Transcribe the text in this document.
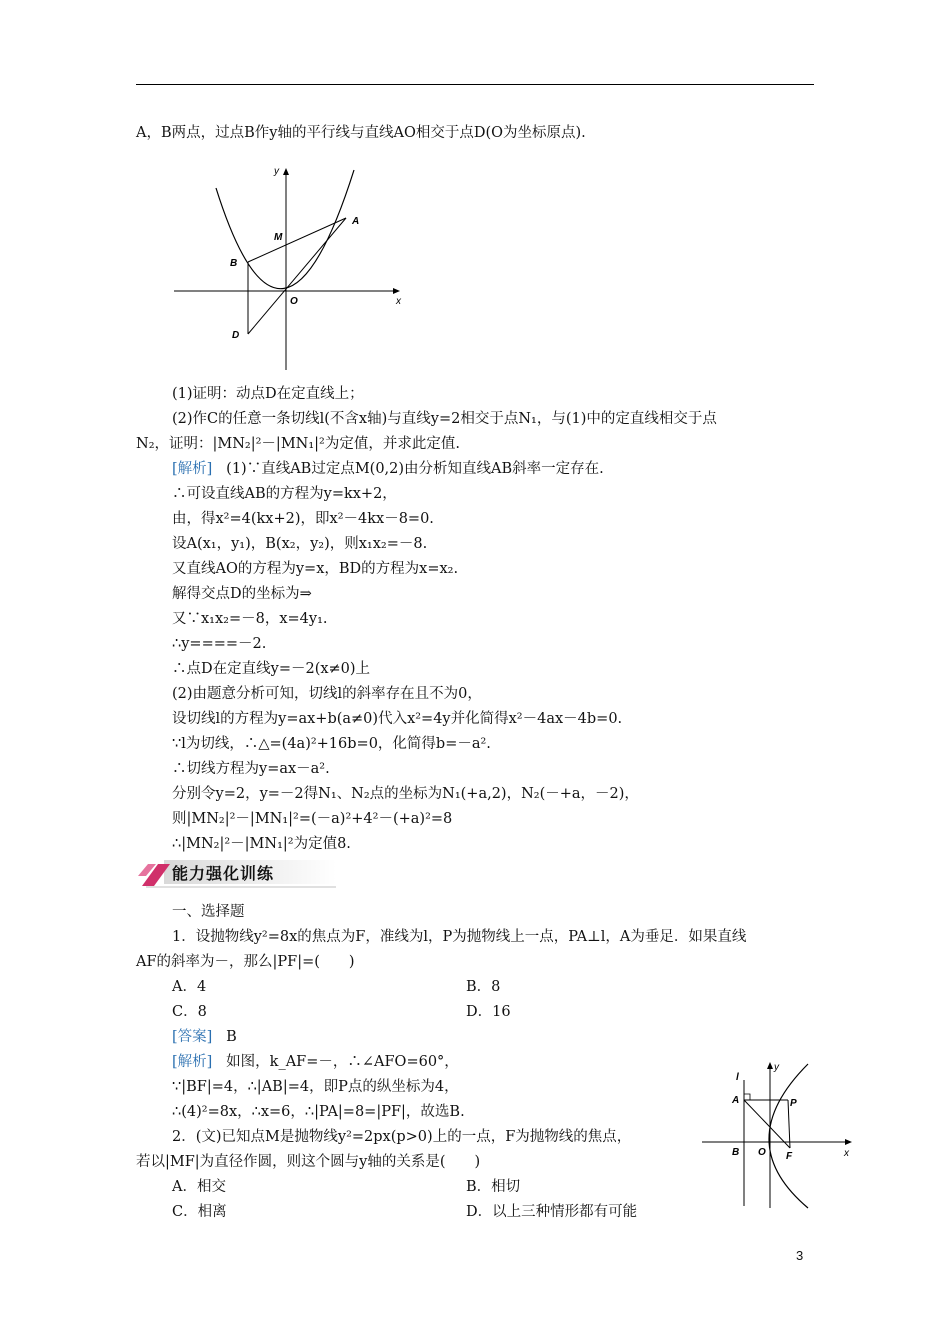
A，B两点，过点B作y轴的平行线与直线AO相交于点D(O为坐标原点).
y
x
A
M
B
O
D
(1)证明：动点D在定直线上；
(2)作C的任意一条切线l(不含x轴)与直线y=2相交于点N₁，与(1)中的定直线相交于点
N₂，证明：|MN₂|²－|MN₁|²为定值，并求此定值.
[解析] (1)∵直线AB过定点M(0,2)由分析知直线AB斜率一定存在.
∴可设直线AB的方程为y=kx+2，
由，得x²=4(kx+2)，即x²－4kx－8=0.
设A(x₁，y₁)，B(x₂，y₂)，则x₁x₂=－8.
又直线AO的方程为y=x，BD的方程为x=x₂.
解得交点D的坐标为⇒
又∵x₁x₂=－8，x=4y₁.
∴y====－2.
∴点D在定直线y=－2(x≠0)上
(2)由题意分析可知，切线l的斜率存在且不为0，
设切线l的方程为y=ax+b(a≠0)代入x²=4y并化简得x²－4ax－4b=0.
∵l为切线，∴△=(4a)²+16b=0，化简得b=－a².
∴切线方程为y=ax－a².
分别令y=2，y=－2得N₁、N₂点的坐标为N₁(+a,2)，N₂(－+a，－2)，
则|MN₂|²－|MN₁|²=(－a)²+4²－(+a)²=8
∴|MN₂|²－|MN₁|²为定值8.
能力强化训练
一、选择题
1．设抛物线y²=8x的焦点为F，准线为l，P为抛物线上一点，PA⊥l，A为垂足．如果直线
AF的斜率为－，那么|PF|=(　　)
A．4	B．8
C．8	D．16
[答案] B
[解析] 如图，k_AF=－，∴∠AFO=60°，
∵|BF|=4，∴|AB|=4，即P点的纵坐标为4，
∴(4)²=8x，∴x=6，∴|PA|=8=|PF|，故选B.
2．(文)已知点M是抛物线y²=2px(p>0)上的一点，F为抛物线的焦点，
若以|MF|为直径作圆，则这个圆与y轴的关系是(　　)
A．相交	B．相切
C．相离	D．以上三种情形都有可能
l
y
A	P
x
B O F
3
